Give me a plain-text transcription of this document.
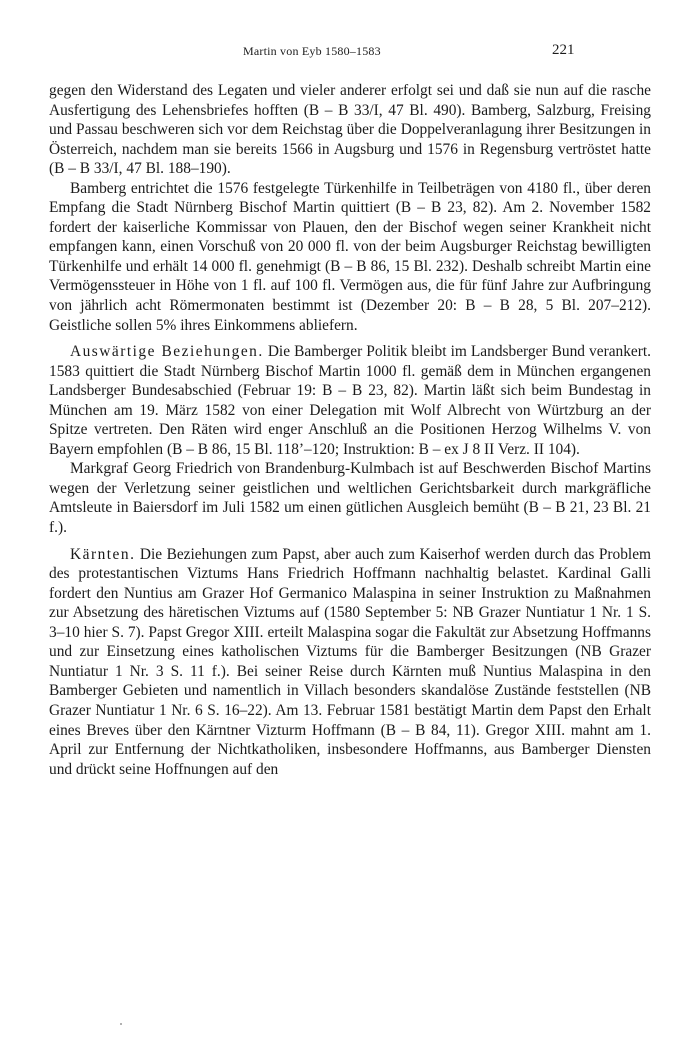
Martin von Eyb 1580–1583	221

gegen den Widerstand des Legaten und vieler anderer erfolgt sei und daß sie nun auf die rasche Ausfertigung des Lehensbriefes hofften (B – B 33/I, 47 Bl. 490). Bamberg, Salzburg, Freising und Passau beschweren sich vor dem Reichstag über die Doppelveranlagung ihrer Besitzungen in Österreich, nachdem man sie bereits 1566 in Augsburg und 1576 in Regensburg vertröstet hatte (B – B 33/I, 47 Bl. 188–190).

Bamberg entrichtet die 1576 festgelegte Türkenhilfe in Teilbeträgen von 4180 fl., über deren Empfang die Stadt Nürnberg Bischof Martin quittiert (B – B 23, 82). Am 2. November 1582 fordert der kaiserliche Kommissar von Plauen, den der Bischof wegen seiner Krankheit nicht empfangen kann, einen Vorschuß von 20 000 fl. von der beim Augsburger Reichstag bewilligten Türkenhilfe und erhält 14 000 fl. genehmigt (B – B 86, 15 Bl. 232). Deshalb schreibt Martin eine Vermögenssteuer in Höhe von 1 fl. auf 100 fl. Vermögen aus, die für fünf Jahre zur Aufbringung von jährlich acht Römermonaten bestimmt ist (Dezember 20: B – B 28, 5 Bl. 207–212). Geistliche sollen 5% ihres Einkommens abliefern.

Auswärtige Beziehungen. Die Bamberger Politik bleibt im Landsberger Bund verankert. 1583 quittiert die Stadt Nürnberg Bischof Martin 1000 fl. gemäß dem in München ergangenen Landsberger Bundesabschied (Februar 19: B – B 23, 82). Martin läßt sich beim Bundestag in München am 19. März 1582 von einer Delegation mit Wolf Albrecht von Würtzburg an der Spitze vertreten. Den Räten wird enger Anschluß an die Positionen Herzog Wilhelms V. von Bayern empfohlen (B – B 86, 15 Bl. 118’–120; Instruktion: B – ex J 8 II Verz. II 104).

Markgraf Georg Friedrich von Brandenburg-Kulmbach ist auf Beschwerden Bischof Martins wegen der Verletzung seiner geistlichen und weltlichen Gerichtsbarkeit durch markgräfliche Amtsleute in Baiersdorf im Juli 1582 um einen gütlichen Ausgleich bemüht (B – B 21, 23 Bl. 21 f.).

Kärnten. Die Beziehungen zum Papst, aber auch zum Kaiserhof werden durch das Problem des protestantischen Viztums Hans Friedrich Hoffmann nachhaltig belastet. Kardinal Galli fordert den Nuntius am Grazer Hof Germanico Malaspina in seiner Instruktion zu Maßnahmen zur Absetzung des häretischen Viztums auf (1580 September 5: NB Grazer Nuntiatur 1 Nr. 1 S. 3–10 hier S. 7). Papst Gregor XIII. erteilt Malaspina sogar die Fakultät zur Absetzung Hoffmanns und zur Einsetzung eines katholischen Viztums für die Bamberger Besitzungen (NB Grazer Nuntiatur 1 Nr. 3 S. 11 f.). Bei seiner Reise durch Kärnten muß Nuntius Malaspina in den Bamberger Gebieten und namentlich in Villach besonders skandalöse Zustände feststellen (NB Grazer Nuntiatur 1 Nr. 6 S. 16–22). Am 13. Februar 1581 bestätigt Martin dem Papst den Erhalt eines Breves über den Kärntner Vizturm Hoffmann (B – B 84, 11). Gregor XIII. mahnt am 1. April zur Entfernung der Nichtkatholiken, insbesondere Hoffmanns, aus Bamberger Diensten und drückt seine Hoffnungen auf den
